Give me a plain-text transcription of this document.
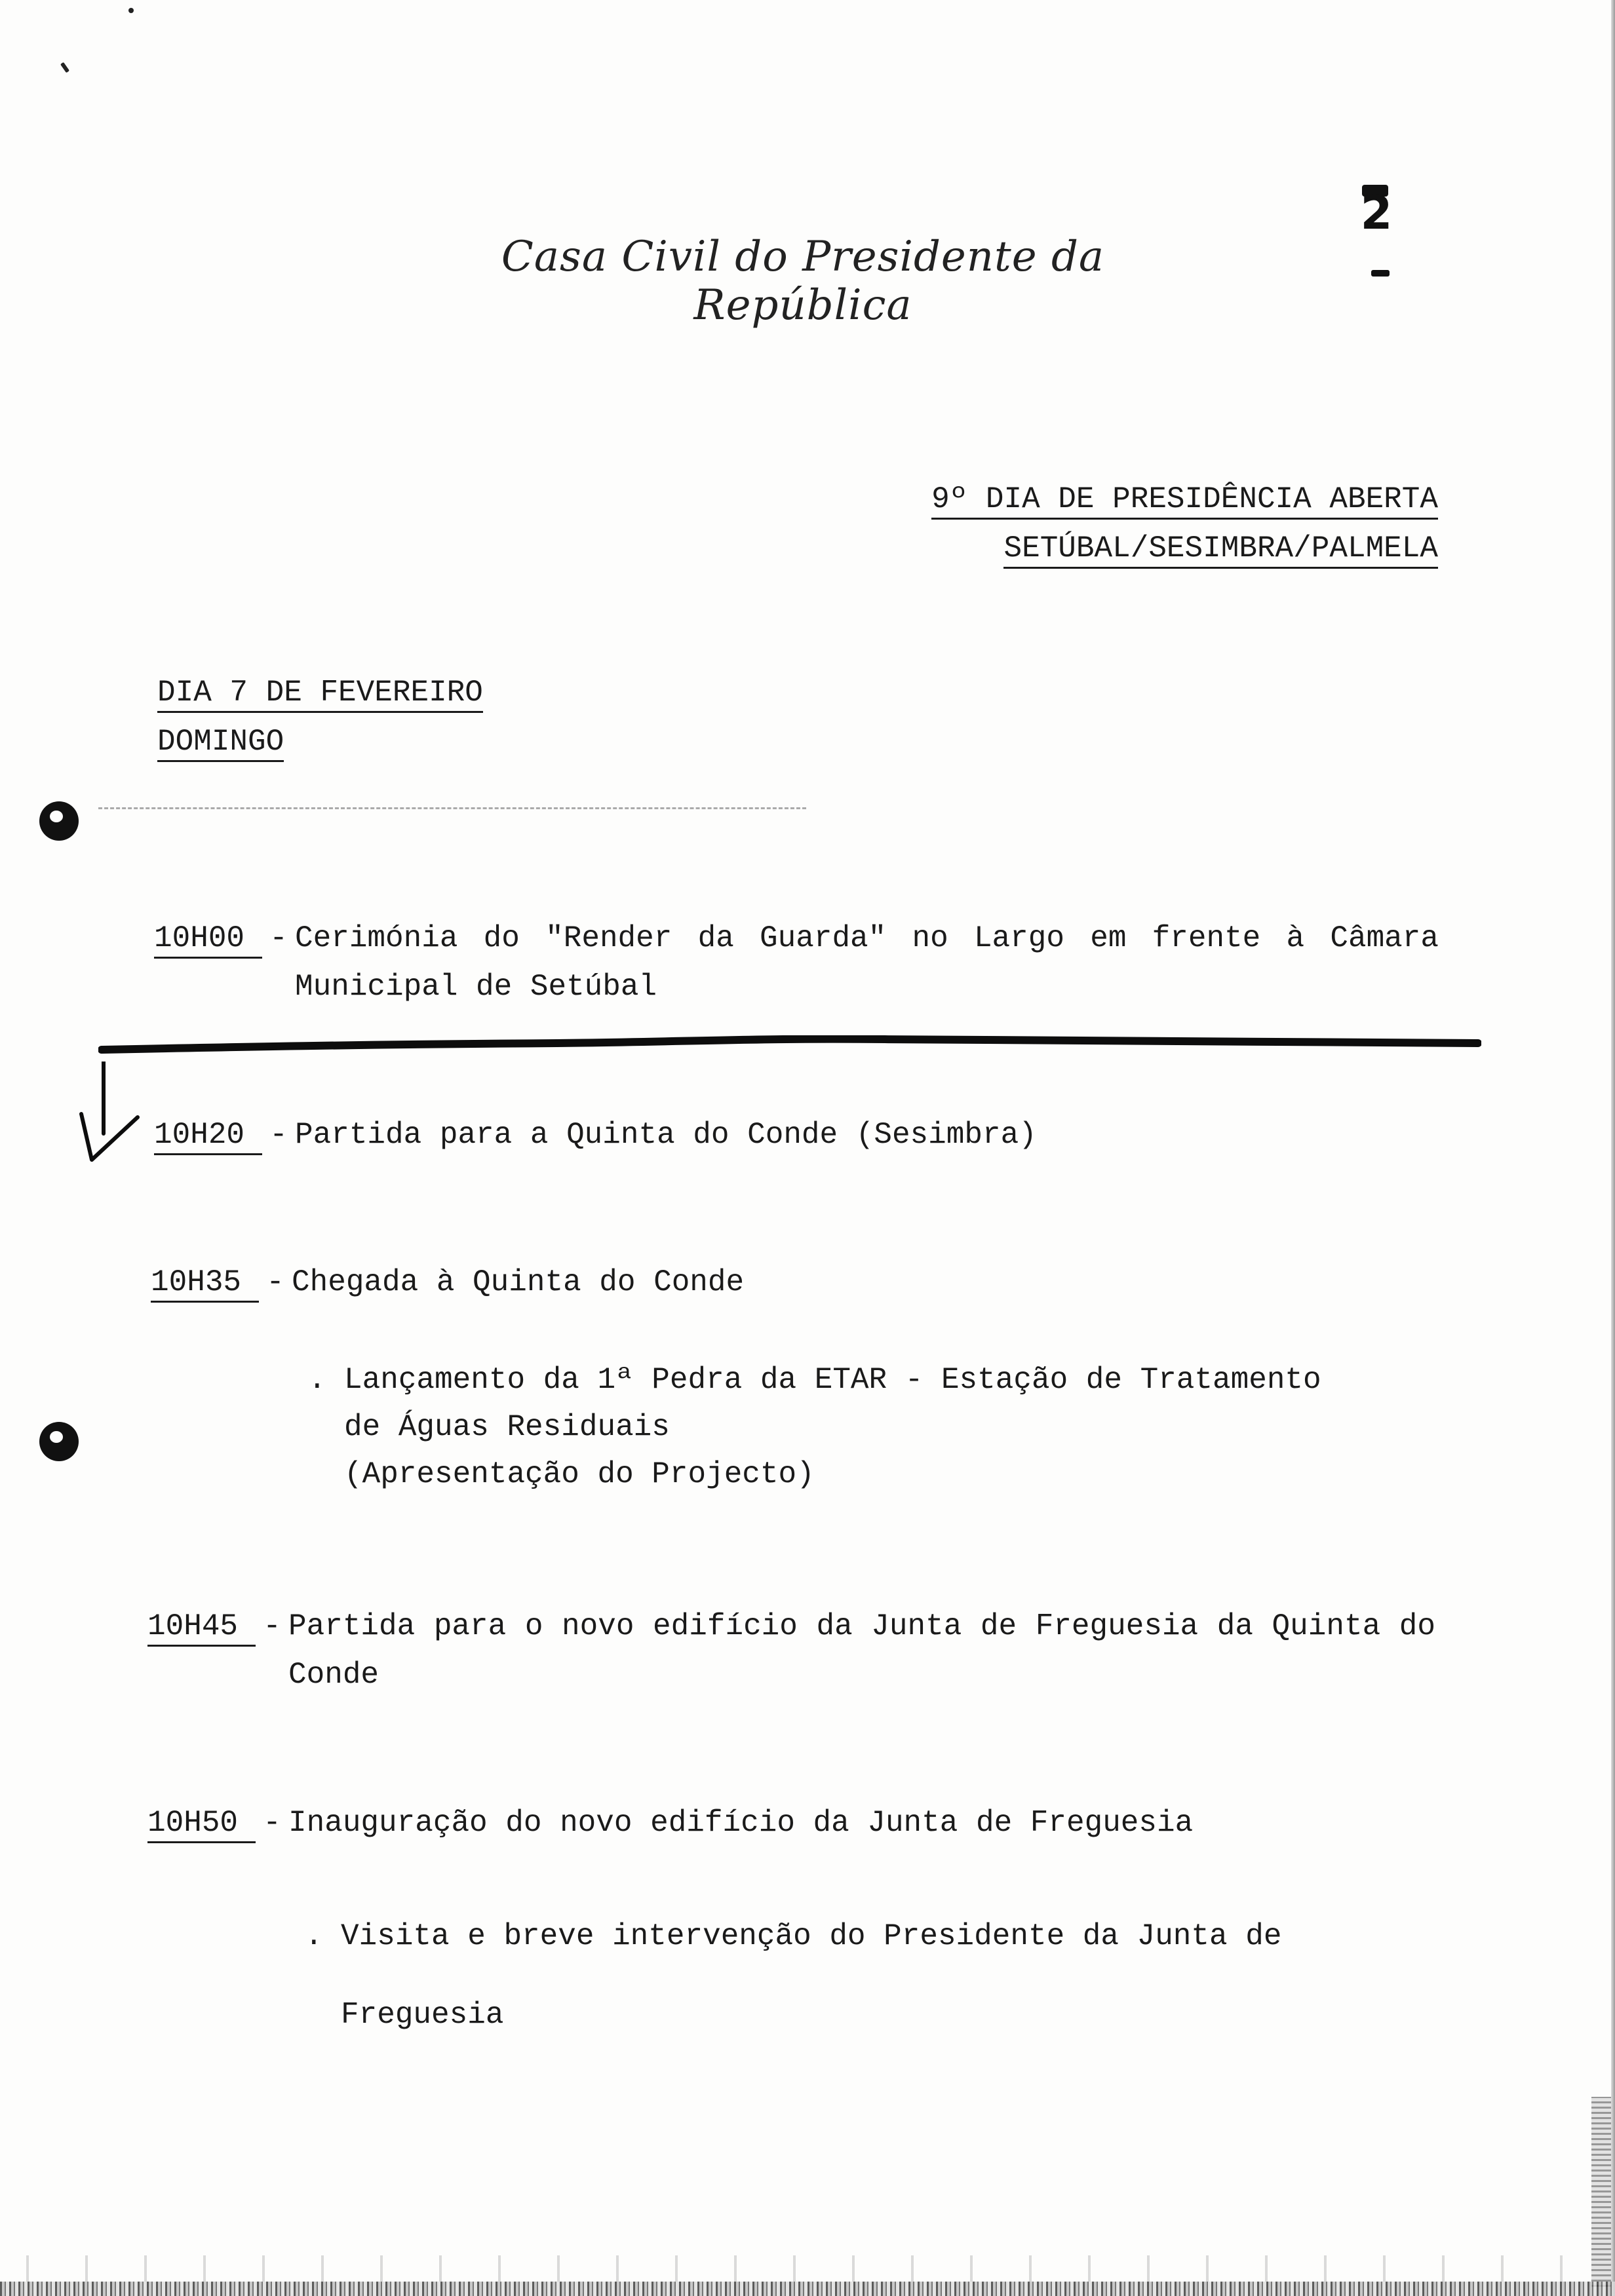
Casa Civil do Presidente da República
2
9º DIA DE PRESIDÊNCIA ABERTA
SETÚBAL/SESIMBRA/PALMELA
DIA 7 DE FEVEREIRO
DOMINGO
10H00 - Cerimónia do "Render da Guarda" no Largo em frente à Câmara Municipal de Setúbal
10H20 - Partida para a Quinta do Conde (Sesimbra)
10H35 - Chegada à Quinta do Conde
. Lançamento da 1ª Pedra da ETAR - Estação de Tratamento
de Águas Residuais
(Apresentação do Projecto)
10H45 - Partida para o novo edifício da Junta de Freguesia da Quinta do Conde
10H50 - Inauguração do novo edifício da Junta de Freguesia
. Visita e breve intervenção do Presidente da Junta de
Freguesia
